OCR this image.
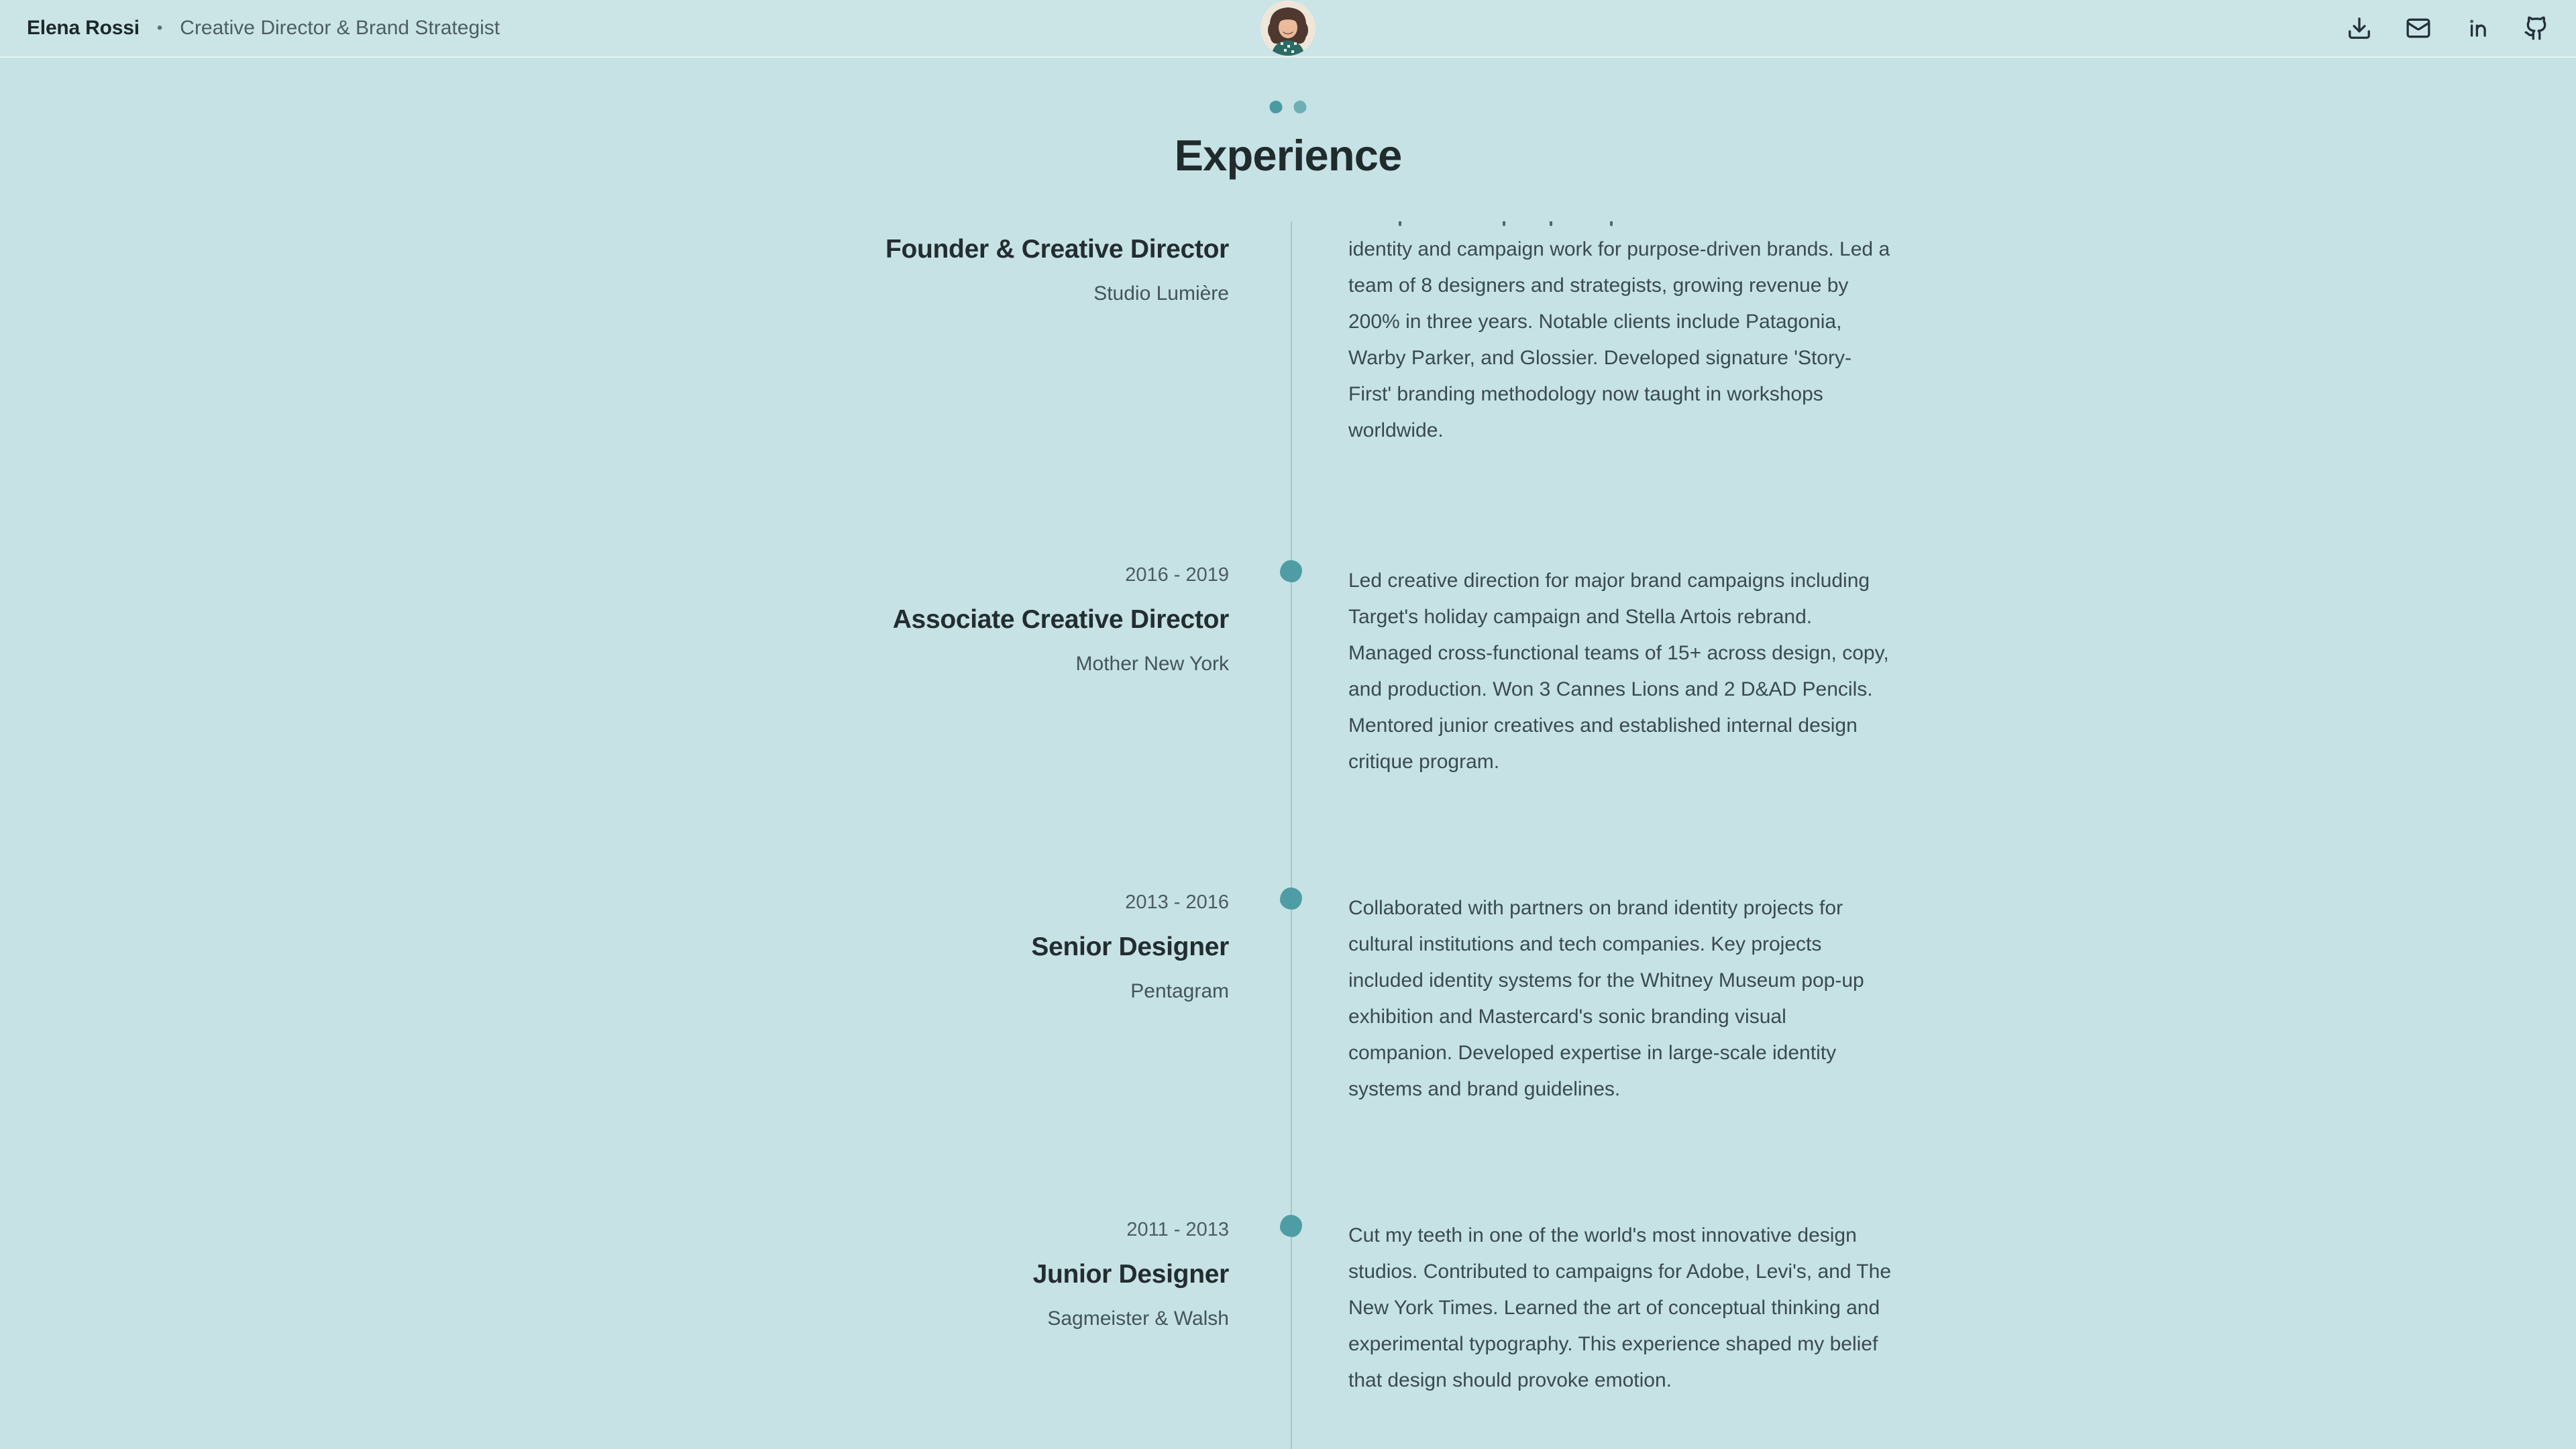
Elena Rossi • Creative Director & Brand Strategist
Experience
Founder & Creative Director
Studio Lumière

identity and campaign work for purpose-driven brands. Led a team of 8 designers and strategists, growing revenue by 200% in three years. Notable clients include Patagonia, Warby Parker, and Glossier. Developed signature 'Story-First' branding methodology now taught in workshops worldwide.

2016 - 2019
Associate Creative Director
Mother New York

Led creative direction for major brand campaigns including Target's holiday campaign and Stella Artois rebrand. Managed cross-functional teams of 15+ across design, copy, and production. Won 3 Cannes Lions and 2 D&AD Pencils. Mentored junior creatives and established internal design critique program.

2013 - 2016
Senior Designer
Pentagram

Collaborated with partners on brand identity projects for cultural institutions and tech companies. Key projects included identity systems for the Whitney Museum pop-up exhibition and Mastercard's sonic branding visual companion. Developed expertise in large-scale identity systems and brand guidelines.

2011 - 2013
Junior Designer
Sagmeister & Walsh

Cut my teeth in one of the world's most innovative design studios. Contributed to campaigns for Adobe, Levi's, and The New York Times. Learned the art of conceptual thinking and experimental typography. This experience shaped my belief that design should provoke emotion.
